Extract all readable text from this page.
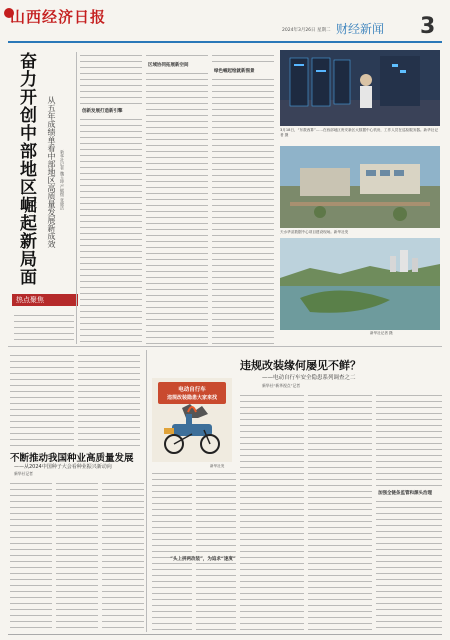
山西经济日报
2024年3月26日 星期二 财经新闻 3
奋力开创中部地区崛起新局面 从五年成绩单看中部地区高质量发展新成效 新华社记者 魏玉坤 严赋憬 张晓洁
热点聚焦
创新发展打造新引擎
区域协同拓展新空间
绿色崛起绘就新图景
3月18日，“东数西算”……在西部地区贵安新区大数据中心机房，工作人员在巡检服务器。新华社记者 摄
天水华录数据中心项目建设现场。新华社发
新华社记者 摄
不断推动我国种业高质量发展
——从2024中国种子大会看种业振兴新动向
新华社记者
电动自行车
违规改装隐患大家来找
新华社发
违规改装缘何屡见不鲜？
——电动自行车安全隐患系列调查之二
新华社“新华视点”记者
“头上拼两改装”，为追求“速度”
加强全链条监管和源头治理
